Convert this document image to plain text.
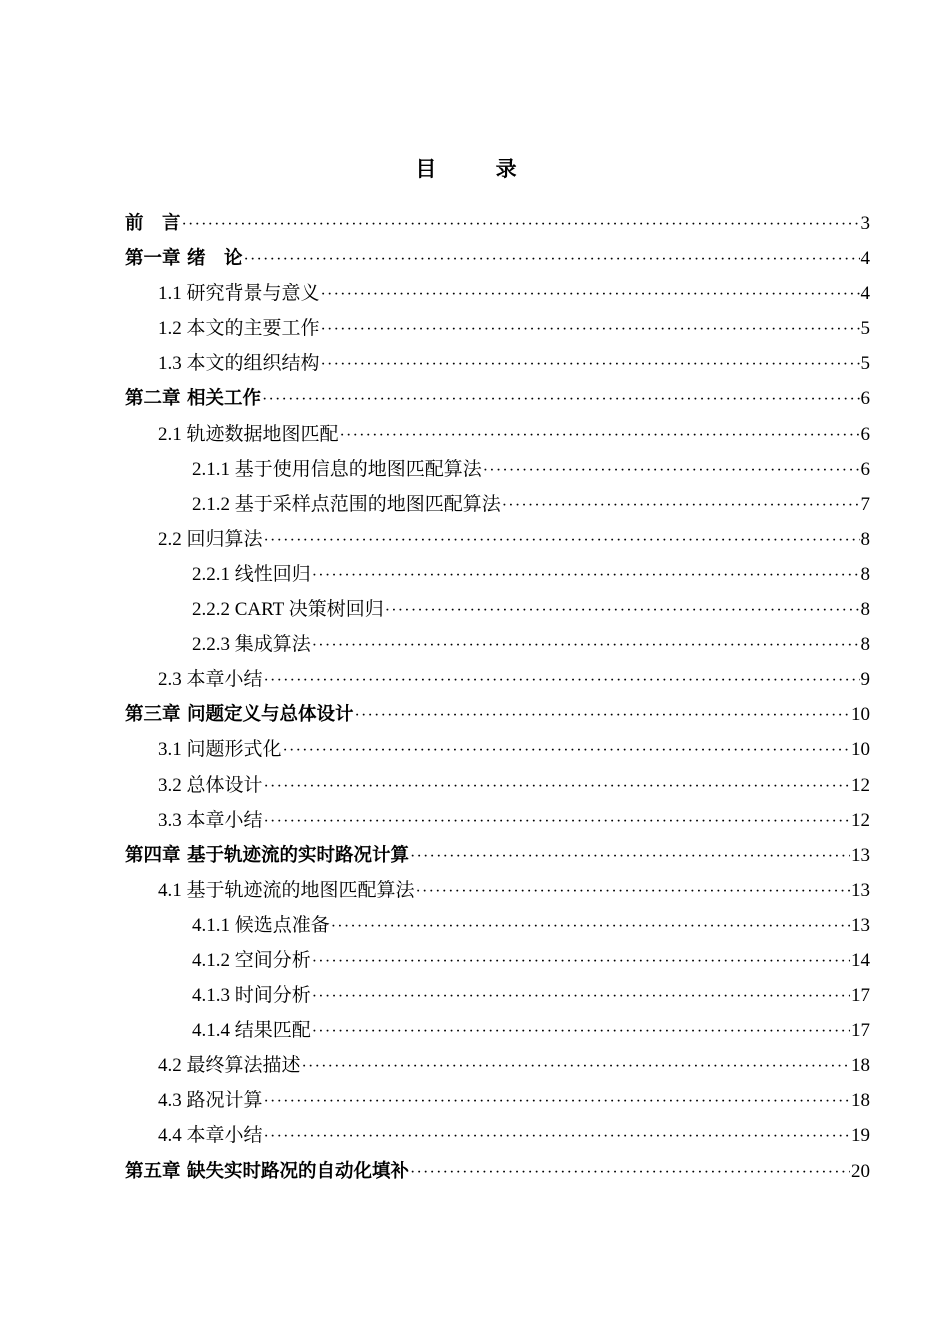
目 录
前　言 ·····	3
第一章 绪　论 ·····	4
1.1 研究背景与意义 ·····	4
1.2 本文的主要工作 ·····	5
1.3 本文的组织结构 ·····	5
第二章 相关工作 ·····	6
2.1 轨迹数据地图匹配 ·····	6
2.1.1 基于使用信息的地图匹配算法 ·····	6
2.1.2 基于采样点范围的地图匹配算法 ·····	7
2.2 回归算法 ·····	8
2.2.1 线性回归 ·····	8
2.2.2 CART 决策树回归 ·····	8
2.2.3 集成算法 ·····	8
2.3 本章小结 ·····	9
第三章 问题定义与总体设计 ·····	10
3.1 问题形式化 ·····	10
3.2 总体设计 ·····	12
3.3 本章小结 ·····	12
第四章 基于轨迹流的实时路况计算 ·····	13
4.1 基于轨迹流的地图匹配算法 ·····	13
4.1.1 候选点准备 ·····	13
4.1.2 空间分析 ·····	14
4.1.3 时间分析 ·····	17
4.1.4 结果匹配 ·····	17
4.2 最终算法描述 ·····	18
4.3 路况计算 ·····	18
4.4 本章小结 ·····	19
第五章 缺失实时路况的自动化填补 ·····	20
